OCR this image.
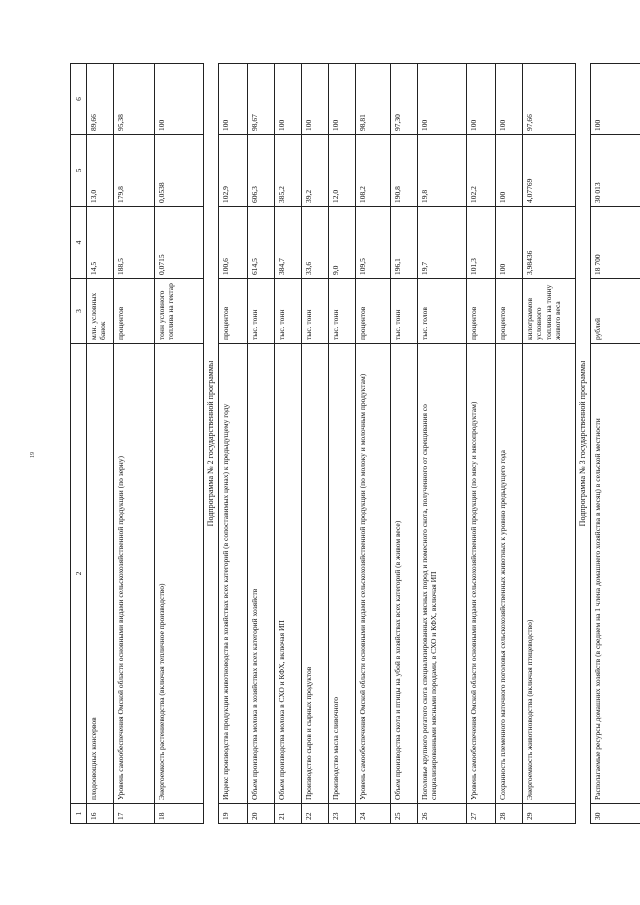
19
1	2	3	4	5	6
16	плодоовощных консервов	млн. условных банок	14,5	13,0	89,66
17	Уровень самообеспечения Омской области основными видами сельскохозяйственной продукции (по зерну)	процентов	188,5	179,8	95,38
18	Энергоемкость растениеводства (включая тепличное производство)	тонн условного топлива на гектар	0,0715	0,0538	100
Подпрограмма № 2 государственной программы					
19	Индекс производства продукции животноводства в хозяйствах всех категорий (в сопоставимых ценах) к предыдущему году	процентов	100,6	102,9	100
20	Объем производства молока в хозяйствах всех категорий хозяйств	тыс. тонн	614,5	606,3	98,67
21	Объем производства молока в СХО и КФХ, включая ИП	тыс. тонн	384,7	385,2	100
22	Производство сыров и сырных продуктов	тыс. тонн	33,6	39,2	100
23	Производство масла сливочного	тыс. тонн	9,0	12,0	100
24	Уровень самообеспечения Омской области основными видами сельскохозяйственной продукции (по молоку и молочным продуктам)	процентов	109,5	108,2	98,81
25	Объем производства скота и птицы на убой в хозяйствах всех категорий (в живом весе)	тыс. тонн	196,1	190,8	97,30
26	Поголовье крупного рогатого скота специализированных мясных пород и помесного скота, полученного от скрещивания со специализированными мясными породами, в СХО и КФХ, включая ИП	тыс. голов	19,7	19,8	100
27	Уровень самообеспечения Омской области основными видами сельскохозяйственной продукции (по мясу и мясопродуктам)	процентов	101,3	102,2	100
28	Сохранность племенного маточного поголовья сельскохозяйственных животных к уровню предыдущего года	процентов	100	100	100
29	Энергоемкость животноводства (включая птицеводство)	килограммов условного топлива на тонну живого веса	3,98436	4,07769	97,66
Подпрограмма № 3 государственной программы					
30	Располагаемые ресурсы домашних хозяйств (в среднем на 1 члена домашнего хозяйства в месяц) в сельской местности	рублей	18 700	30 013	100
